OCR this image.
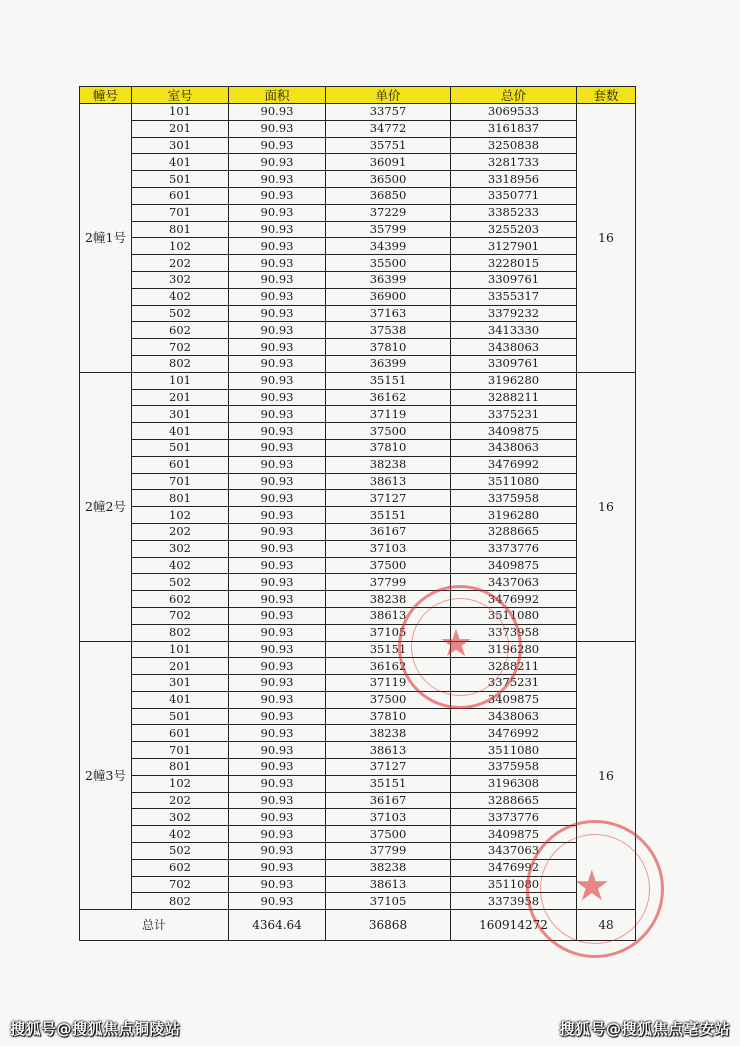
幢号	室号	面积	单价	总价	套数
2幢1号	101	90.93	33757	3069533	16
	201	90.93	34772	3161837	
	301	90.93	35751	3250838	
	401	90.93	36091	3281733	
	501	90.93	36500	3318956	
	601	90.93	36850	3350771	
	701	90.93	37229	3385233	
	801	90.93	35799	3255203	
	102	90.93	34399	3127901	
	202	90.93	35500	3228015	
	302	90.93	36399	3309761	
	402	90.93	36900	3355317	
	502	90.93	37163	3379232	
	602	90.93	37538	3413330	
	702	90.93	37810	3438063	
	802	90.93	36399	3309761	
2幢2号	101	90.93	35151	3196280	16
	201	90.93	36162	3288211	
	301	90.93	37119	3375231	
	401	90.93	37500	3409875	
	501	90.93	37810	3438063	
	601	90.93	38238	3476992	
	701	90.93	38613	3511080	
	801	90.93	37127	3375958	
	102	90.93	35151	3196280	
	202	90.93	36167	3288665	
	302	90.93	37103	3373776	
	402	90.93	37500	3409875	
	502	90.93	37799	3437063	
	602	90.93	38238	3476992	
	702	90.93	38613	3511080	
	802	90.93	37105	3373958	
2幢3号	101	90.93	35151	3196280	16
	201	90.93	36162	3288211	
	301	90.93	37119	3375231	
	401	90.93	37500	3409875	
	501	90.93	37810	3438063	
	601	90.93	38238	3476992	
	701	90.93	38613	3511080	
	801	90.93	37127	3375958	
	102	90.93	35151	3196308	
	202	90.93	36167	3288665	
	302	90.93	37103	3373776	
	402	90.93	37500	3409875	
	502	90.93	37799	3437063	
	602	90.93	38238	3476992	
	702	90.93	38613	3511080	
	802	90.93	37105	3373958	
总计		4364.64	36868	160914272	48
★
★
搜狐号@搜狐焦点铜陵站	搜狐号@搜狐焦点亳安站
